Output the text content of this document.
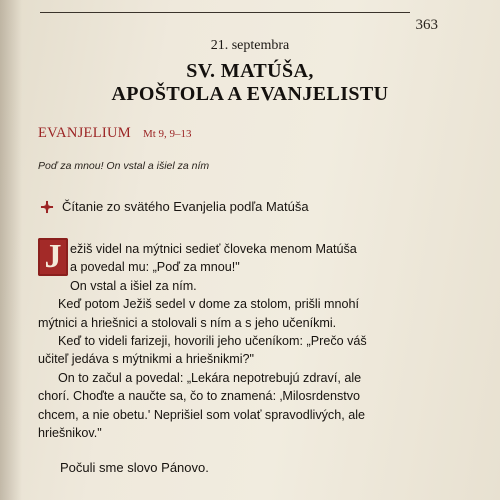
363
21. septembra
SV. MATÚŠA,
APOŠTOLA A EVANJELISTU
EVANJELIUM Mt 9, 9–13
Poď za mnou! On vstal a išiel za ním
Čítanie zo svätého Evanjelia podľa Matúša
J ežiš videl na mýtnici sedieť človeka menom Matúša
a povedal mu: „Poď za mnou!"
On vstal a išiel za ním.
Keď potom Ježiš sedel v dome za stolom, prišli mnohí
mýtnici a hriešnici a stolovali s ním a s jeho učeníkmi.
Keď to videli farizeji, hovorili jeho učeníkom: „Prečo váš
učiteľ jedáva s mýtnikmi a hriešnikmi?"
On to začul a povedal: „Lekára nepotrebujú zdraví, ale
chorí. Choďte a naučte sa, čo to znamená: ‚Milosrdenstvo
chcem, a nie obetu.' Neprišiel som volať spravodlivých, ale
hriešnikov."
Počuli sme slovo Pánovo.
